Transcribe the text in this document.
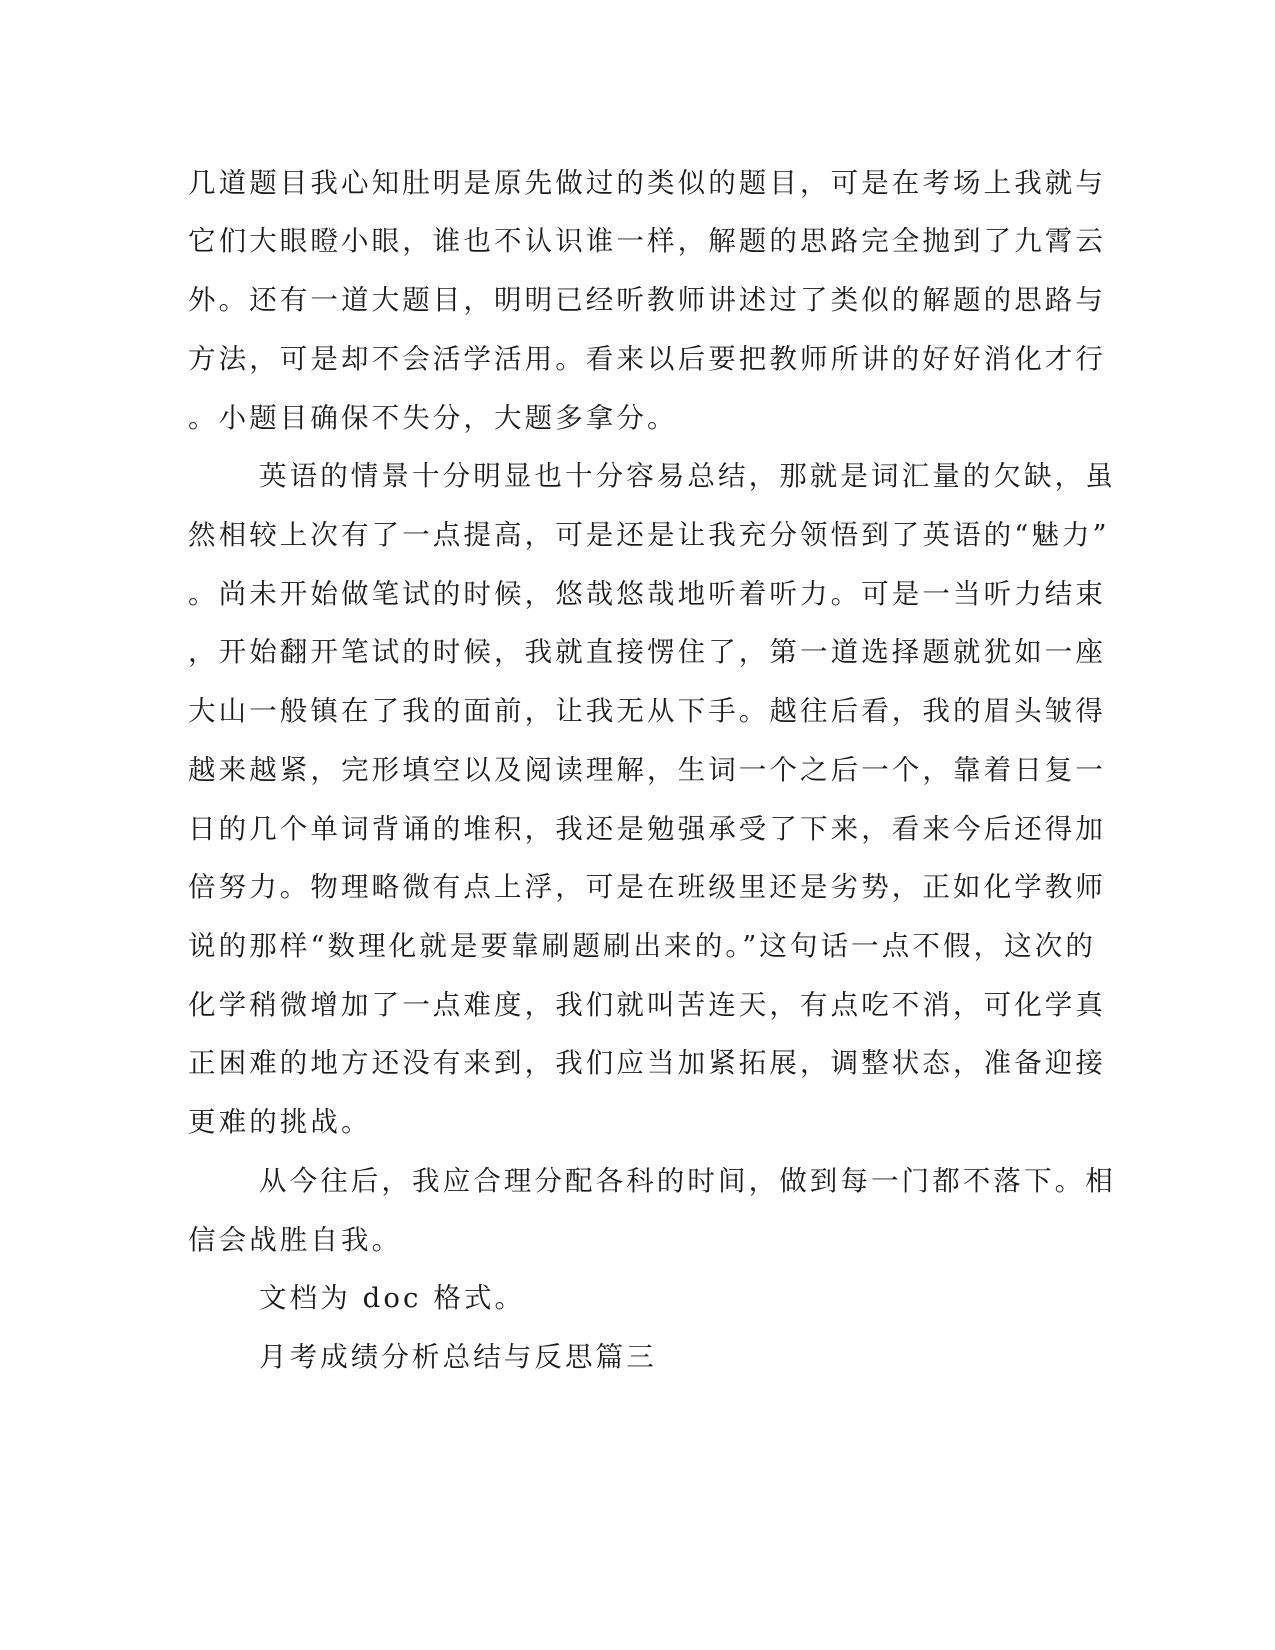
几道题目我心知肚明是原先做过的类似的题目，可是在考场上我就与
它们大眼瞪小眼，谁也不认识谁一样，解题的思路完全抛到了九霄云
外。还有一道大题目，明明已经听教师讲述过了类似的解题的思路与
方法，可是却不会活学活用。看来以后要把教师所讲的好好消化才行
。小题目确保不失分，大题多拿分。
英语的情景十分明显也十分容易总结，那就是词汇量的欠缺，虽
然相较上次有了一点提高，可是还是让我充分领悟到了英语的“魅力”
。尚未开始做笔试的时候，悠哉悠哉地听着听力。可是一当听力结束
，开始翻开笔试的时候，我就直接愣住了，第一道选择题就犹如一座
大山一般镇在了我的面前，让我无从下手。越往后看，我的眉头皱得
越来越紧，完形填空以及阅读理解，生词一个之后一个，靠着日复一
日的几个单词背诵的堆积，我还是勉强承受了下来，看来今后还得加
倍努力。物理略微有点上浮，可是在班级里还是劣势，正如化学教师
说的那样“数理化就是要靠刷题刷出来的。”这句话一点不假，这次的
化学稍微增加了一点难度，我们就叫苦连天，有点吃不消，可化学真
正困难的地方还没有来到，我们应当加紧拓展，调整状态，准备迎接
更难的挑战。
从今往后，我应合理分配各科的时间，做到每一门都不落下。相
信会战胜自我。
文档为 doc 格式。
月考成绩分析总结与反思篇三
